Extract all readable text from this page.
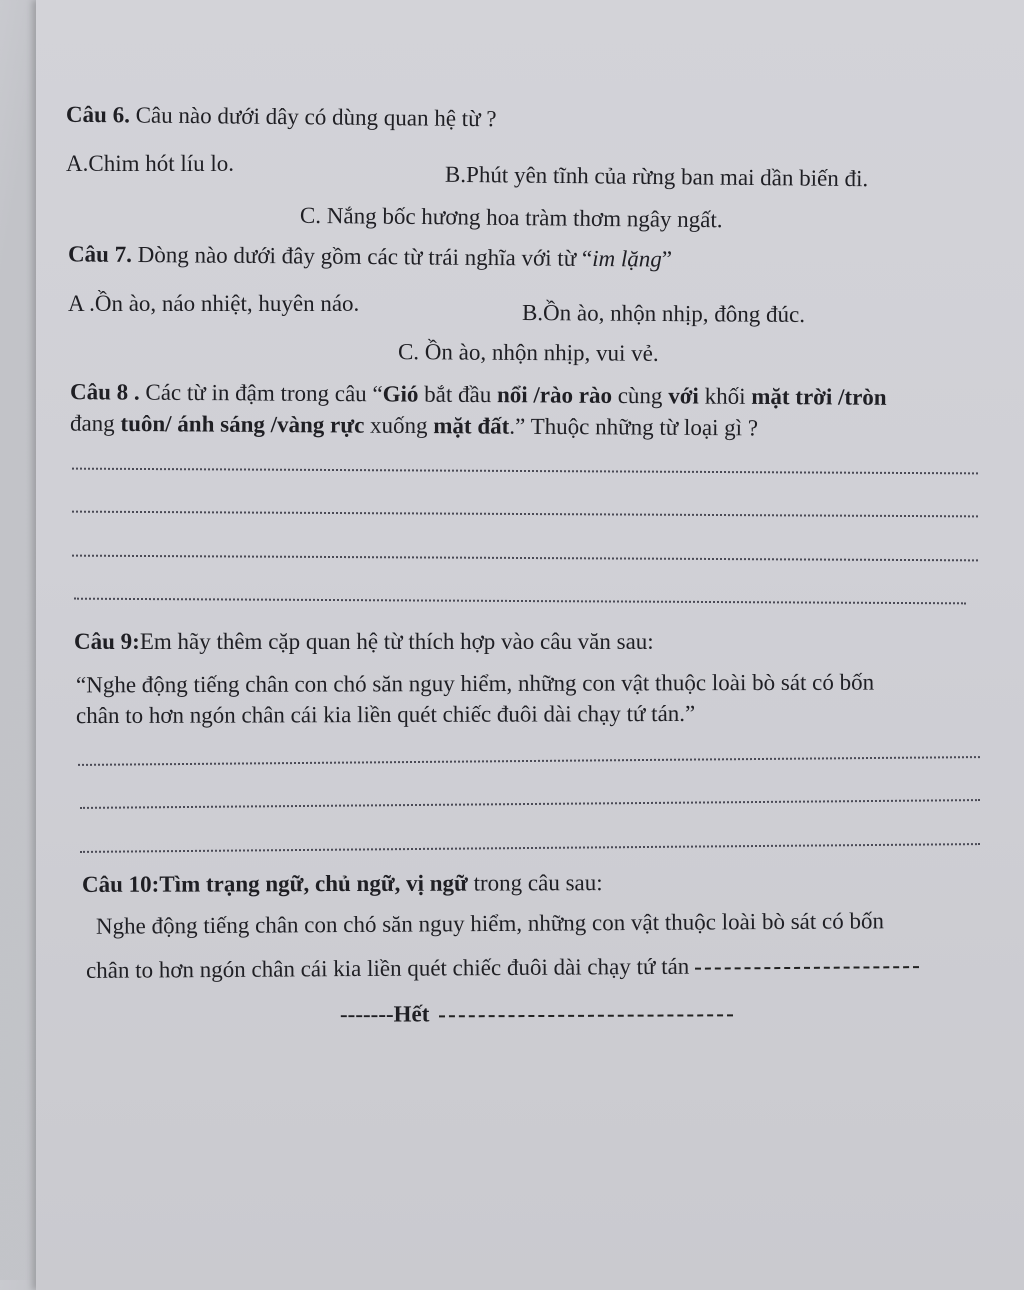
Câu 6. Câu nào dưới dây có dùng quan hệ từ ?
A.Chim hót líu lo.	B.Phút yên tĩnh của rừng ban mai dần biến đi.
C. Nắng bốc hương hoa tràm thơm ngây ngất.
Câu 7. Dòng nào dưới đây gồm các từ trái nghĩa với từ “im lặng”
A .Ồn ào, náo nhiệt, huyên náo.	B.Ồn ào, nhộn nhịp, đông đúc.
C. Ồn ào, nhộn nhịp, vui vẻ.
Câu 8 . Các từ in đậm trong câu “Gió bắt đầu nổi /rào rào cùng với khối mặt trời /tròn
đang tuôn/ ánh sáng /vàng rực xuống mặt đất.” Thuộc những từ loại gì ?
Câu 9:Em hãy thêm cặp quan hệ từ thích hợp vào câu văn sau:
“Nghe động tiếng chân con chó săn nguy hiểm, những con vật thuộc loài bò sát có bốn
chân to hơn ngón chân cái kia liền quét chiếc đuôi dài chạy tứ tán.”
Câu 10:Tìm trạng ngữ, chủ ngữ, vị ngữ trong câu sau:
Nghe động tiếng chân con chó săn nguy hiểm, những con vật thuộc loài bò sát có bốn
chân to hơn ngón chân cái kia liền quét chiếc đuôi dài chạy tứ tán
-------Hết
